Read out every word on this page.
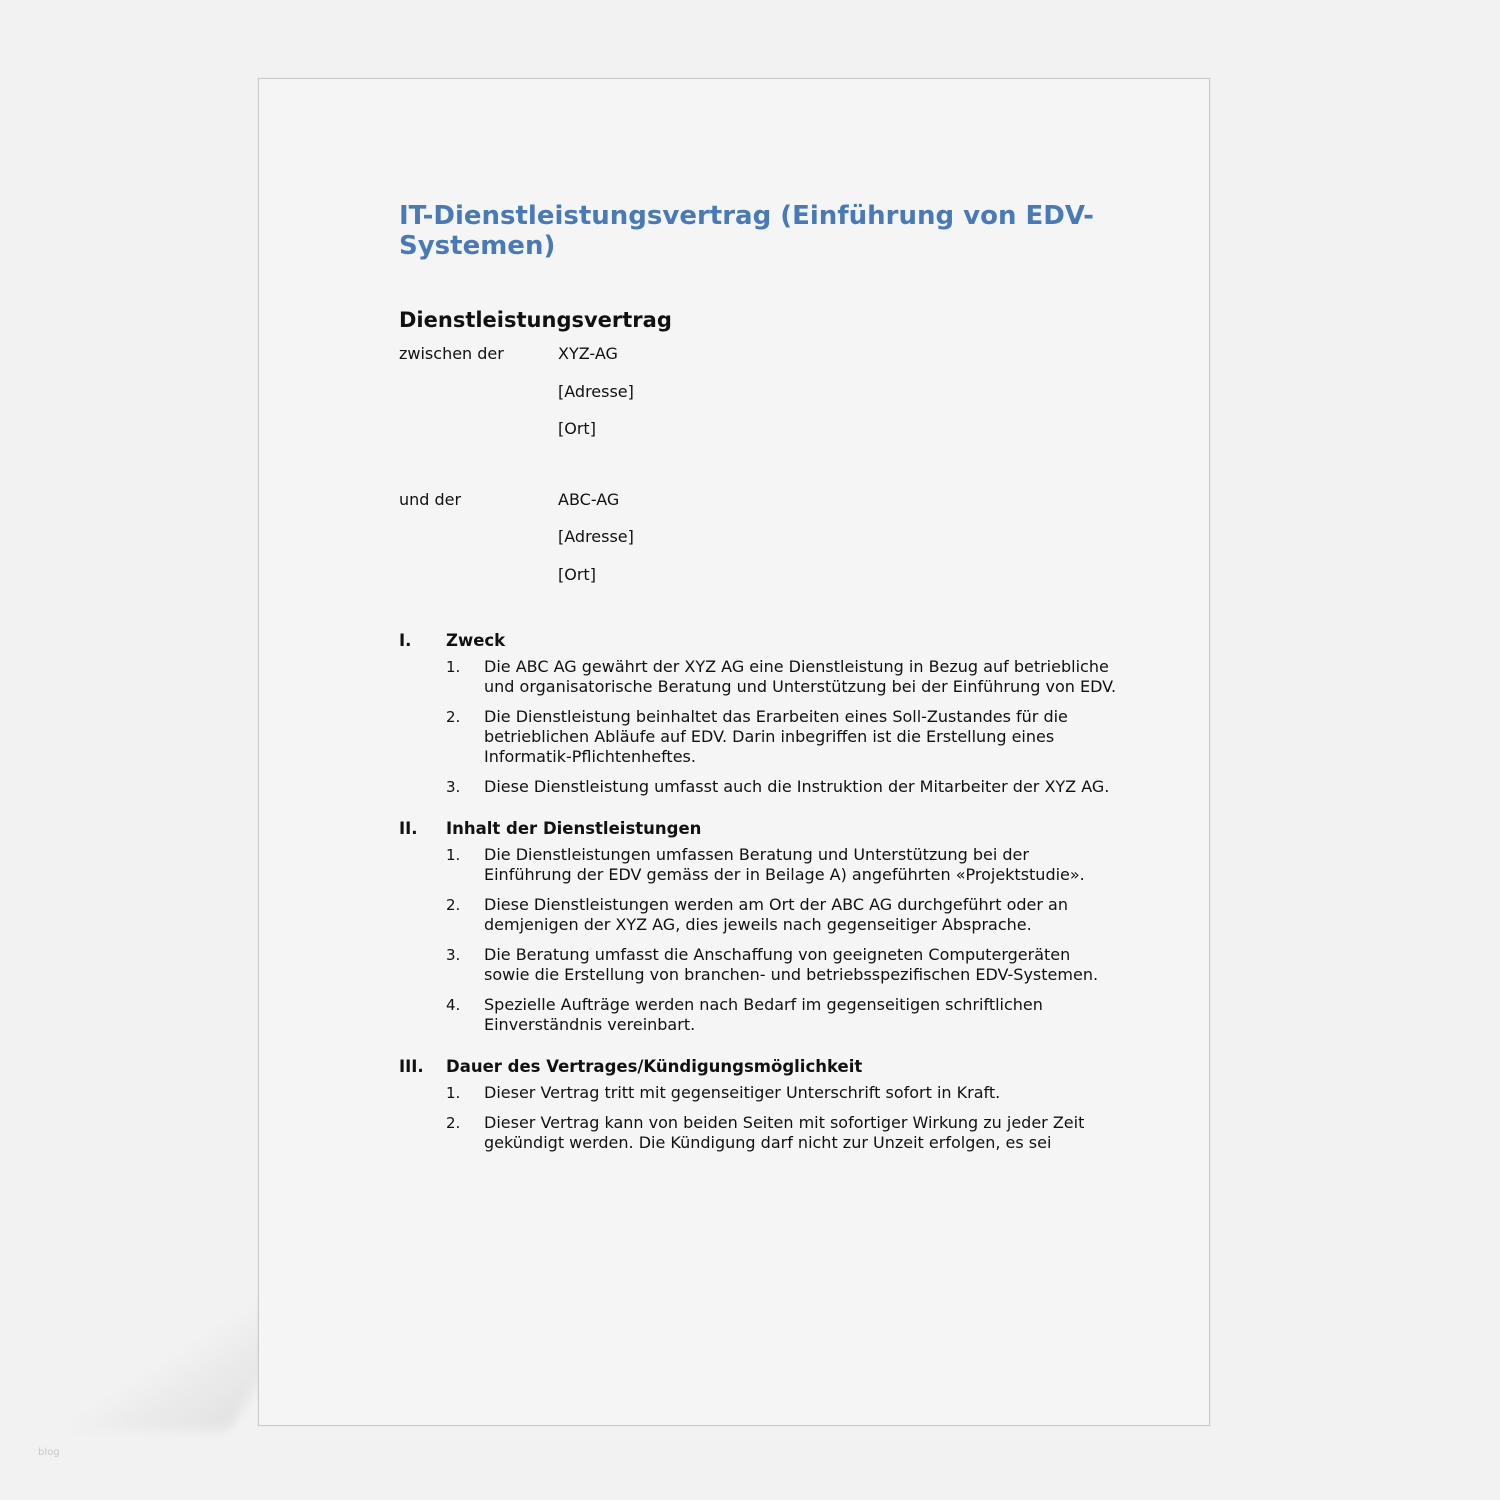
IT-Dienstleistungsvertrag (Einführung von EDV-Systemen)
Dienstleistungsvertrag
zwischen der	XYZ-AG
[Adresse]
[Ort]
und der	ABC-AG
[Adresse]
[Ort]
I.	Zweck
1.	Die ABC AG gewährt der XYZ AG eine Dienstleistung in Bezug auf betriebliche und organisatorische Beratung und Unterstützung bei der Einführung von EDV.
2.	Die Dienstleistung beinhaltet das Erarbeiten eines Soll-Zustandes für die betrieblichen Abläufe auf EDV. Darin inbegriffen ist die Erstellung eines Informatik-Pflichtenheftes.
3.	Diese Dienstleistung umfasst auch die Instruktion der Mitarbeiter der XYZ AG.
II.	Inhalt der Dienstleistungen
1.	Die Dienstleistungen umfassen Beratung und Unterstützung bei der Einführung der EDV gemäss der in Beilage A) angeführten «Projektstudie».
2.	Diese Dienstleistungen werden am Ort der ABC AG durchgeführt oder an demjenigen der XYZ AG, dies jeweils nach gegenseitiger Absprache.
3.	Die Beratung umfasst die Anschaffung von geeigneten Computergeräten sowie die Erstellung von branchen- und betriebsspezifischen EDV-Systemen.
4.	Spezielle Aufträge werden nach Bedarf im gegenseitigen schriftlichen Einverständnis vereinbart.
III.	Dauer des Vertrages/Kündigungsmöglichkeit
1.	Dieser Vertrag tritt mit gegenseitiger Unterschrift sofort in Kraft.
2.	Dieser Vertrag kann von beiden Seiten mit sofortiger Wirkung zu jeder Zeit gekündigt werden. Die Kündigung darf nicht zur Unzeit erfolgen, es sei
blog
